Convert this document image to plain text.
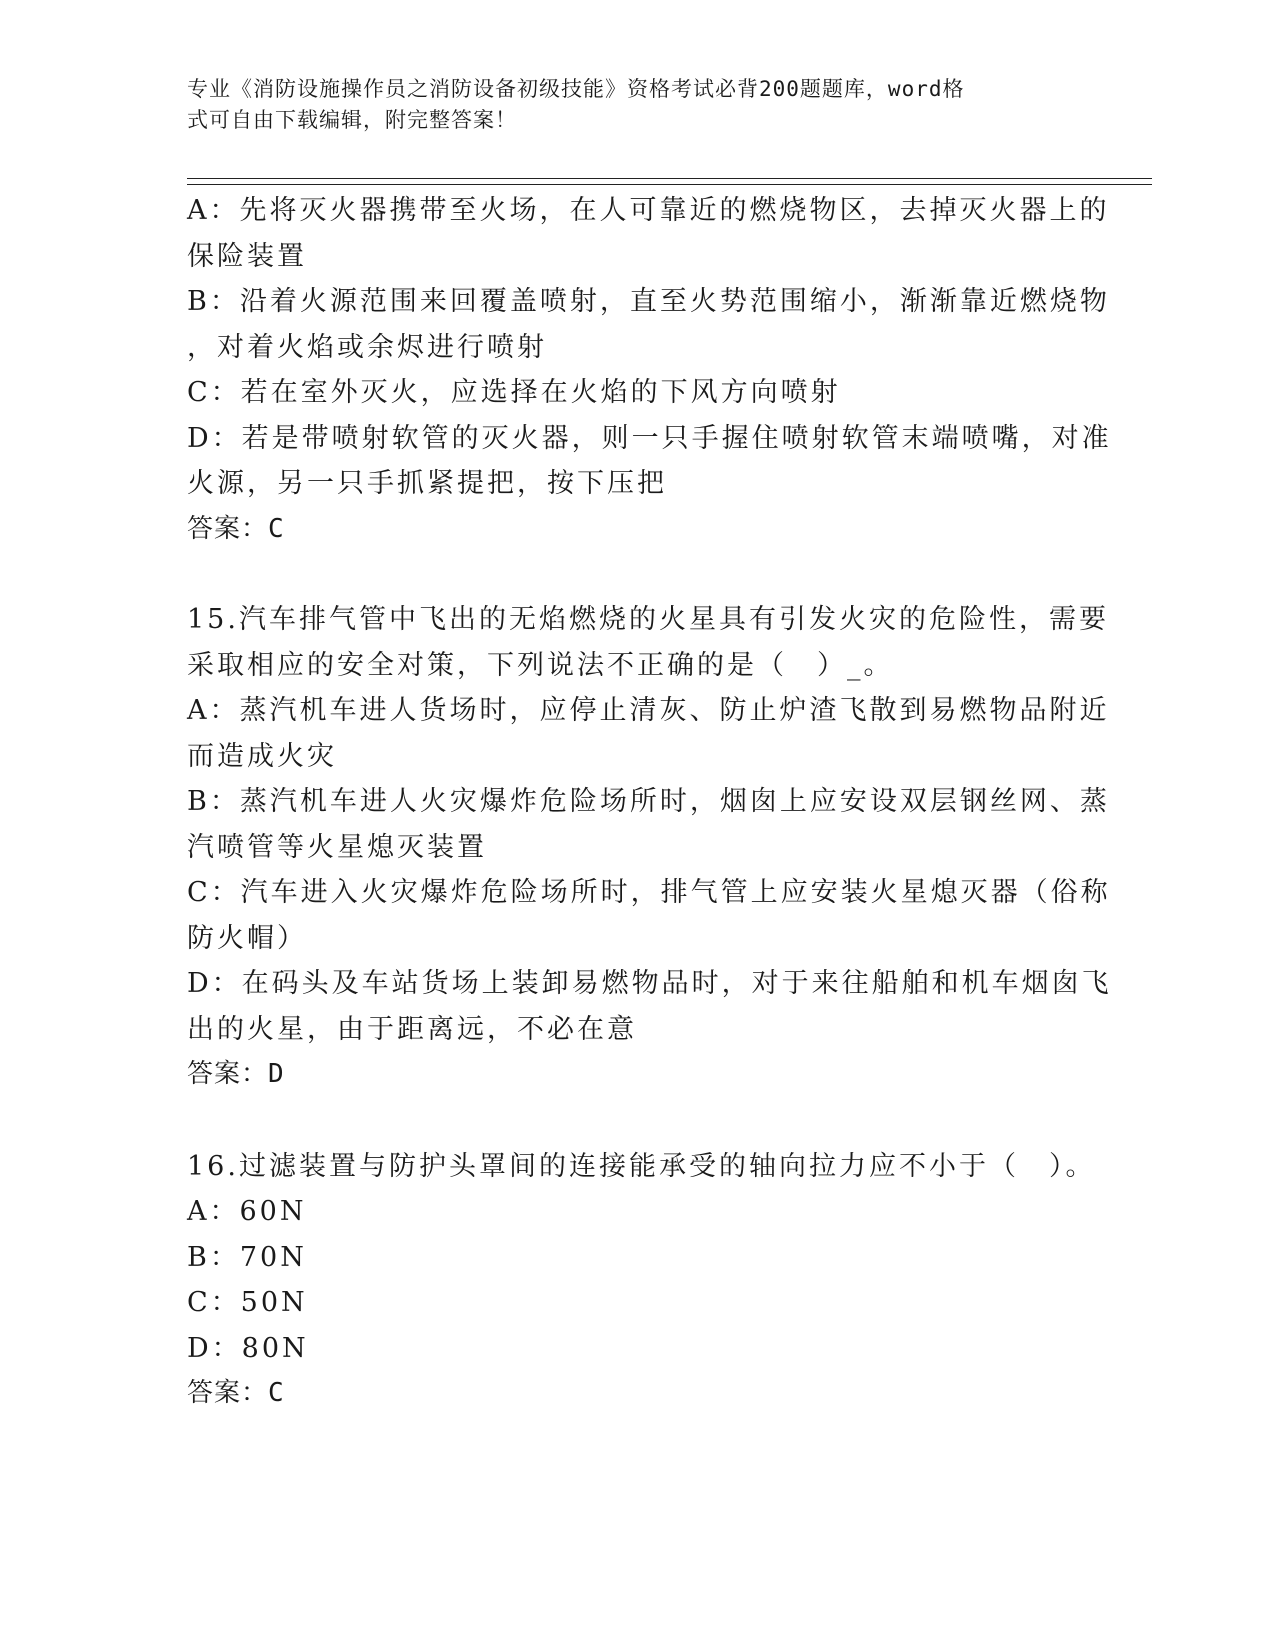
专业《消防设施操作员之消防设备初级技能》资格考试必背200题题库，word格
式可自由下载编辑，附完整答案！
A：先将灭火器携带至火场，在人可靠近的燃烧物区，去掉灭火器上的
保险装置
B：沿着火源范围来回覆盖喷射，直至火势范围缩小，渐渐靠近燃烧物
，对着火焰或余烬进行喷射
C：若在室外灭火，应选择在火焰的下风方向喷射
D：若是带喷射软管的灭火器，则一只手握住喷射软管末端喷嘴，对准
火源，另一只手抓紧提把，按下压把
答案：C
15.汽车排气管中飞出的无焰燃烧的火星具有引发火灾的危险性，需要
采取相应的安全对策，下列说法不正确的是（　）_。
A：蒸汽机车进人货场时，应停止清灰、防止炉渣飞散到易燃物品附近
而造成火灾
B：蒸汽机车进人火灾爆炸危险场所时，烟囱上应安设双层钢丝网、蒸
汽喷管等火星熄灭装置
C：汽车进入火灾爆炸危险场所时，排气管上应安装火星熄灭器（俗称
防火帽）
D：在码头及车站货场上装卸易燃物品时，对于来往船舶和机车烟囱飞
出的火星，由于距离远，不必在意
答案：D
16.过滤装置与防护头罩间的连接能承受的轴向拉力应不小于（　）。
A：60N
B：70N
C：50N
D：80N
答案：C
